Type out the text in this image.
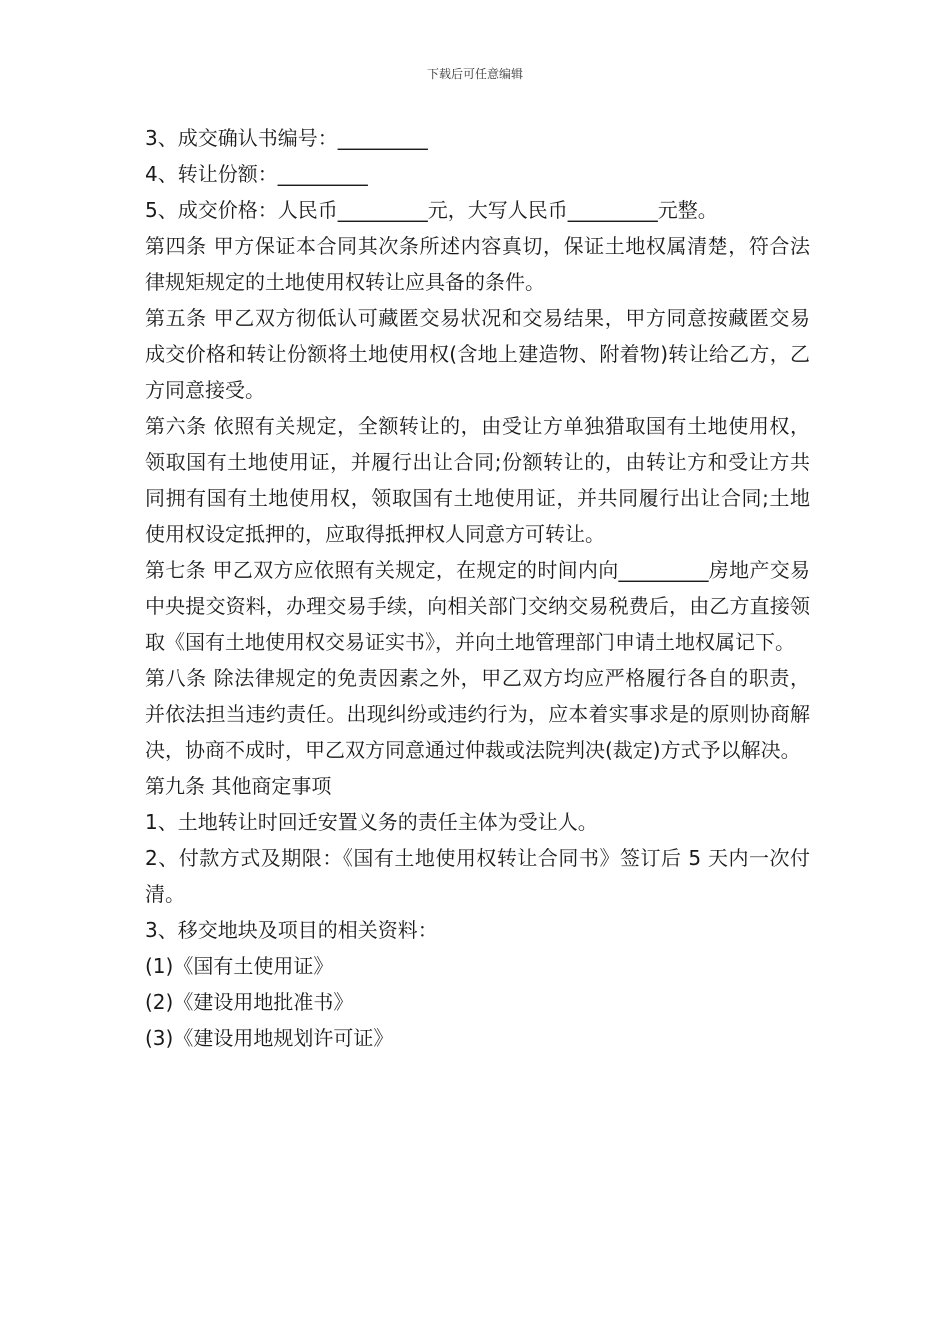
下载后可任意编辑

3、成交确认书编号：_________

4、转让份额：_________

5、成交价格：人民币_________元，大写人民币_________元整。

第四条 甲方保证本合同其次条所述内容真切，保证土地权属清楚，符合法律规矩规定的土地使用权转让应具备的条件。

第五条 甲乙双方彻低认可藏匿交易状况和交易结果，甲方同意按藏匿交易成交价格和转让份额将土地使用权(含地上建造物、附着物)转让给乙方，乙方同意接受。

第六条 依照有关规定，全额转让的，由受让方单独猎取国有土地使用权，领取国有土地使用证，并履行出让合同;份额转让的，由转让方和受让方共同拥有国有土地使用权，领取国有土地使用证，并共同履行出让合同;土地使用权设定抵押的，应取得抵押权人同意方可转让。

第七条 甲乙双方应依照有关规定，在规定的时间内向_________房地产交易中央提交资料，办理交易手续，向相关部门交纳交易税费后，由乙方直接领取《国有土地使用权交易证实书》，并向土地管理部门申请土地权属记下。

第八条 除法律规定的免责因素之外，甲乙双方均应严格履行各自的职责，并依法担当违约责任。出现纠纷或违约行为，应本着实事求是的原则协商解决，协商不成时，甲乙双方同意通过仲裁或法院判决(裁定)方式予以解决。

第九条 其他商定事项

1、土地转让时回迁安置义务的责任主体为受让人。

2、付款方式及期限：《国有土地使用权转让合同书》签订后 5 天内一次付清。

3、移交地块及项目的相关资料：

(1)《国有土使用证》

(2)《建设用地批准书》

(3)《建设用地规划许可证》
